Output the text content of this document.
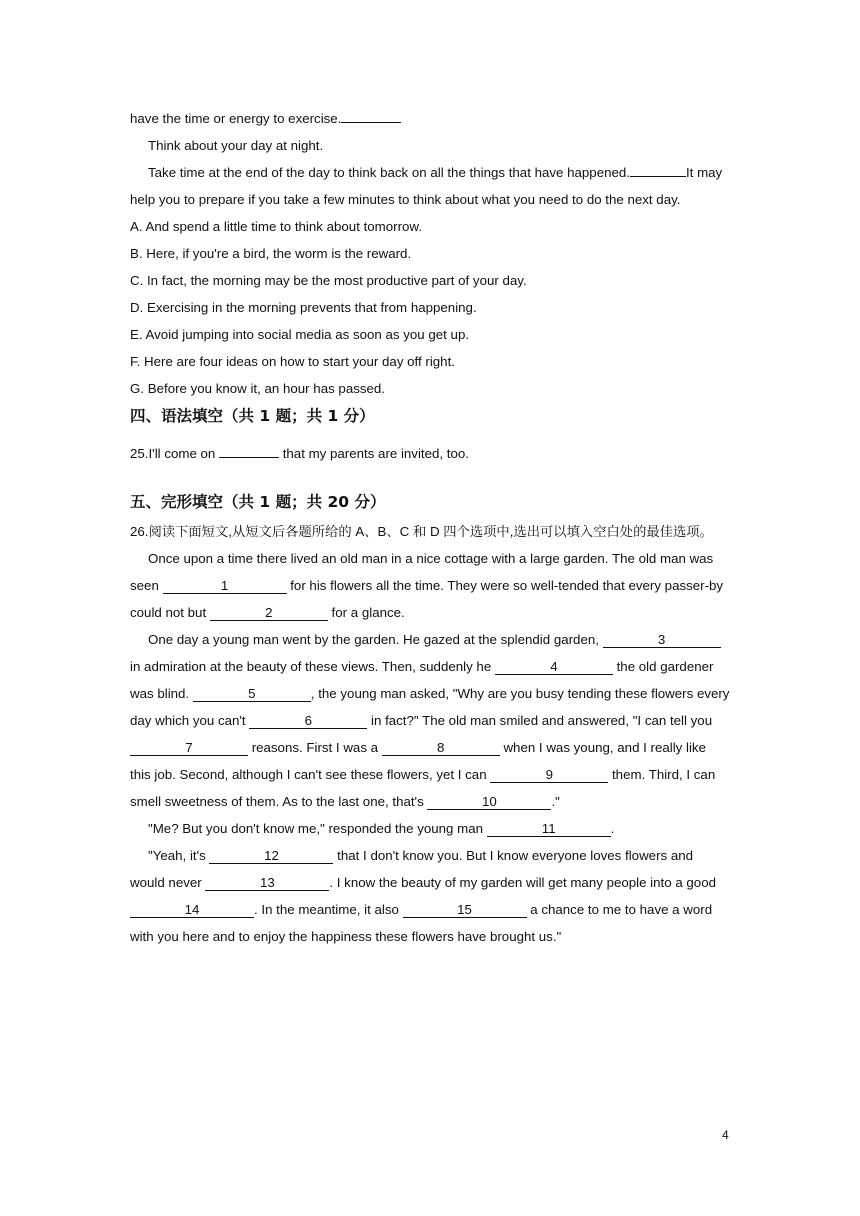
have the time or energy to exercise.

Think about your day at night.

Take time at the end of the day to think back on all the things that have happened.	It may help you to prepare if you take a few minutes to think about what you need to do the next day.

A. And spend a little time to think about tomorrow.

B. Here, if you're a bird, the worm is the reward.

C. In fact, the morning may be the most productive part of your day.

D. Exercising in the morning prevents that from happening.

E. Avoid jumping into social media as soon as you get up.

F. Here are four ideas on how to start your day off right.

G. Before you know it, an hour has passed.

四、语法填空（共 1 题；共 1 分）

25.I'll come on	that my parents are invited, too.

五、完形填空（共 1 题；共 20 分）

26.阅读下面短文,从短文后各题所给的 A、B、C 和 D 四个选项中,选出可以填入空白处的最佳选项。

Once upon a time there lived an old man in a nice cottage with a large garden. The old man was seen	1	for his flowers all the time. They were so well-tended that every passer-by could not but	2	for a glance.

One day a young man went by the garden. He gazed at the splendid garden,	3 in admiration at the beauty of these views. Then, suddenly he	4	the old gardener was blind.	5	, the young man asked, "Why are you busy tending these flowers every day which you can't	6	in fact?" The old man smiled and answered, "I can tell you 7	reasons. First I was a	8	when I was young, and I really like this job. Second, although I can't see these flowers, yet I can	9	them. Third, I can smell sweetness of them. As to the last one, that's	10	."

"Me? But you don't know me," responded the young man	11	.

"Yeah, it's	12	that I don't know you. But I know everyone loves flowers and would never	13	. I know the beauty of my garden will get many people into a good 14	. In the meantime, it also	15	a chance to me to have a word with you here and to enjoy the happiness these flowers have brought us."

4
